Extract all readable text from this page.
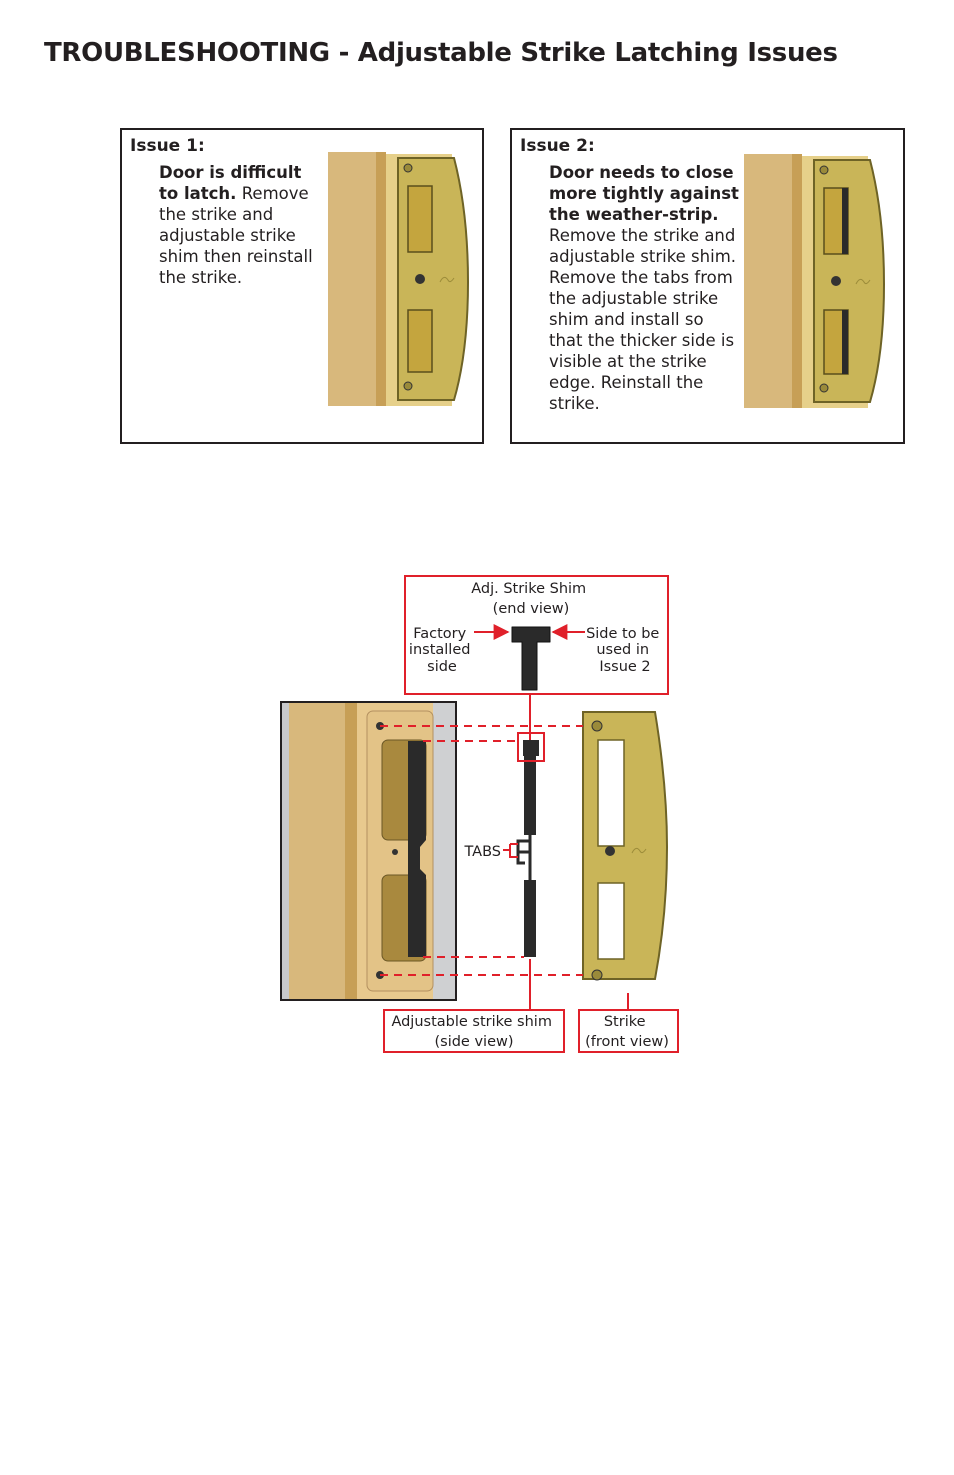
TROUBLESHOOTING - Adjustable Strike Latching Issues
Issue 1:
Door is difficult to latch. Remove the strike and adjustable strike shim then reinstall the strike.
Issue 2:
Door needs to close more tightly against the weather-strip. Remove the strike and adjustable strike shim. Remove the tabs from the adjustable strike shim and install so that the thicker side is visible at the strike edge. Reinstall the strike.
Adj. Strike Shim (end view)
Factory installed side
Side to be used in Issue 2
TABS
Adjustable strike shim (side view)
Strike (front view)
